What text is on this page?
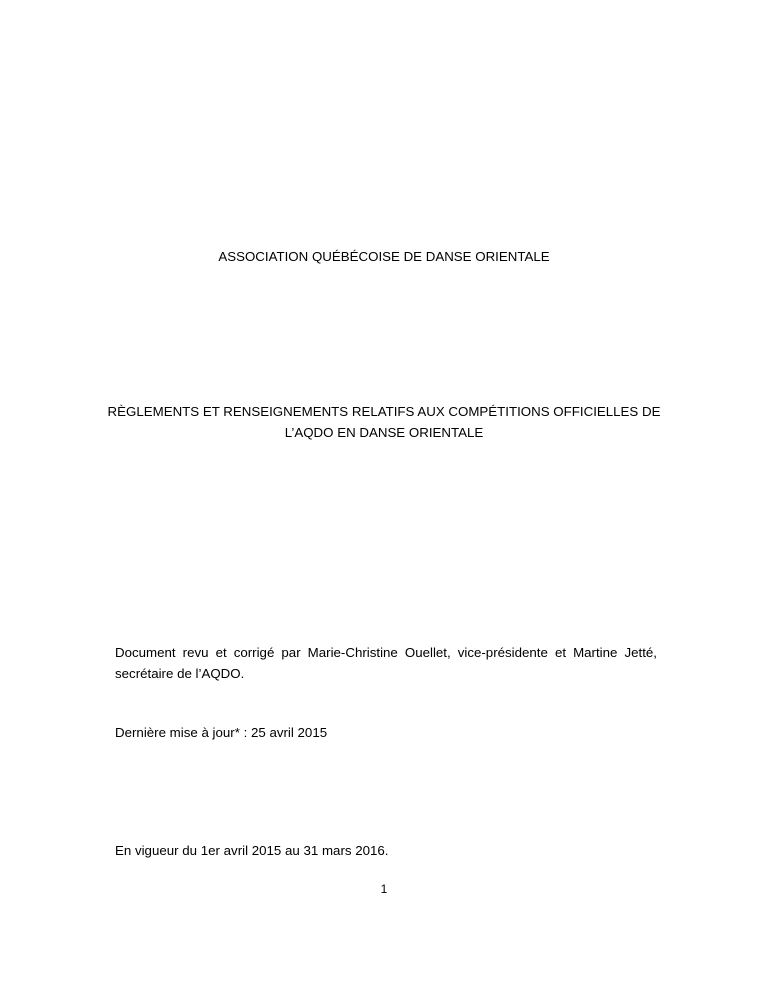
ASSOCIATION QUÉBÉCOISE DE DANSE ORIENTALE
RÈGLEMENTS ET RENSEIGNEMENTS RELATIFS AUX COMPÉTITIONS OFFICIELLES DE
L’AQDO EN DANSE ORIENTALE
Document revu et corrigé par Marie-Christine Ouellet, vice-présidente et Martine Jetté,
secrétaire de l’AQDO.
Dernière mise à jour* : 25 avril 2015
En vigueur du 1er avril 2015 au 31 mars 2016.
1
